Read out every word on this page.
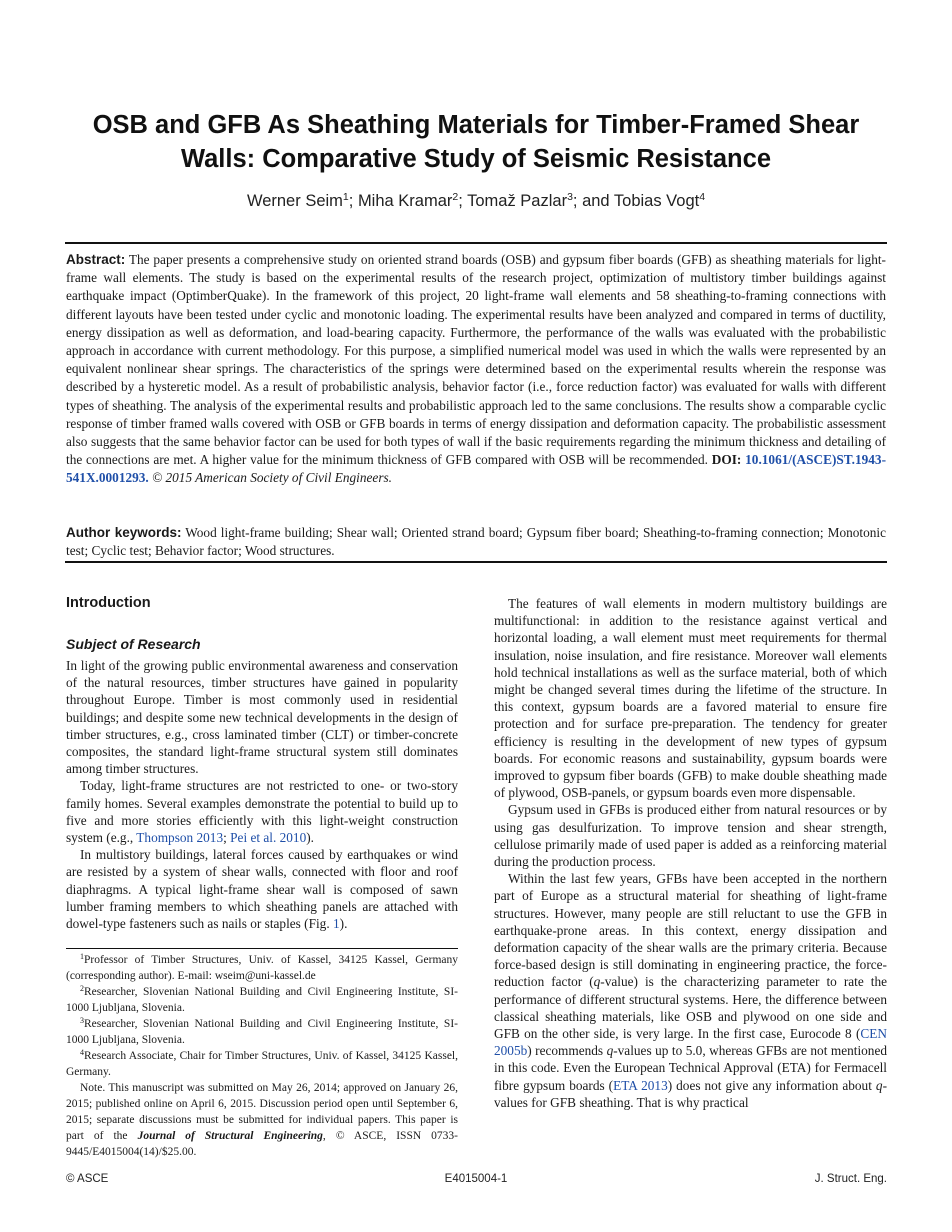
OSB and GFB As Sheathing Materials for Timber-Framed Shear Walls: Comparative Study of Seismic Resistance
Werner Seim$^1$; Miha Kramar$^2$; Tomaž Pazlar$^3$; and Tobias Vogt$^4$

Abstract: The paper presents a comprehensive study on oriented strand boards (OSB) and gypsum fiber boards (GFB) as sheathing materials for light-frame wall elements. The study is based on the experimental results of the research project, optimization of multistory timber buildings against earthquake impact (OptimberQuake). In the framework of this project, 20 light-frame wall elements and 58 sheathing-to-framing connections with different layouts have been tested under cyclic and monotonic loading. The experimental results have been analyzed and compared in terms of ductility, energy dissipation as well as deformation, and load-bearing capacity. Furthermore, the performance of the walls was evaluated with the probabilistic approach in accordance with current methodology. For this purpose, a simplified numerical model was used in which the walls were represented by an equivalent nonlinear shear springs. The characteristics of the springs were determined based on the experimental results wherein the response was described by a hysteretic model. As a result of probabilistic analysis, behavior factor (i.e., force reduction factor) was evaluated for walls with different types of sheathing. The analysis of the experimental results and probabilistic approach led to the same conclusions. The results show a comparable cyclic response of timber framed walls covered with OSB or GFB boards in terms of energy dissipation and deformation capacity. The probabilistic assessment also suggests that the same behavior factor can be used for both types of wall if the basic requirements regarding the minimum thickness and detailing of the connections are met. A higher value for the minimum thickness of GFB compared with OSB will be recommended. DOI: 10.1061/(ASCE)ST.1943-541X.0001293. © 2015 American Society of Civil Engineers.

Author keywords: Wood light-frame building; Shear wall; Oriented strand board; Gypsum fiber board; Sheathing-to-framing connection; Monotonic test; Cyclic test; Behavior factor; Wood structures.

Introduction
Subject of Research

In light of the growing public environmental awareness and conservation of the natural resources, timber structures have gained in popularity throughout Europe. Timber is most commonly used in residential buildings; and despite some new technical developments in the design of timber structures, e.g., cross laminated timber (CLT) or timber-concrete composites, the standard light-frame structural system still dominates among timber structures.

Today, light-frame structures are not restricted to one- or two-story family homes. Several examples demonstrate the potential to build up to five and more stories efficiently with this light-weight construction system (e.g., Thompson 2013; Pei et al. 2010).

In multistory buildings, lateral forces caused by earthquakes or wind are resisted by a system of shear walls, connected with floor and roof diaphragms. A typical light-frame shear wall is composed of sawn lumber framing members to which sheathing panels are attached with dowel-type fasteners such as nails or staples (Fig. 1).

$^1$Professor of Timber Structures, Univ. of Kassel, 34125 Kassel, Germany (corresponding author). E-mail: wseim@uni-kassel.de

$^2$Researcher, Slovenian National Building and Civil Engineering Institute, SI-1000 Ljubljana, Slovenia.

$^3$Researcher, Slovenian National Building and Civil Engineering Institute, SI-1000 Ljubljana, Slovenia.

$^4$Research Associate, Chair for Timber Structures, Univ. of Kassel, 34125 Kassel, Germany.

Note. This manuscript was submitted on May 26, 2014; approved on January 26, 2015; published online on April 6, 2015. Discussion period open until September 6, 2015; separate discussions must be submitted for individual papers. This paper is part of the Journal of Structural Engineering, © ASCE, ISSN 0733-9445/E4015004(14)/$25.00.

The features of wall elements in modern multistory buildings are multifunctional: in addition to the resistance against vertical and horizontal loading, a wall element must meet requirements for thermal insulation, noise insulation, and fire resistance. Moreover wall elements hold technical installations as well as the surface material, both of which might be changed several times during the lifetime of the structure. In this context, gypsum boards are a favored material to ensure fire protection and for surface pre-preparation. The tendency for greater efficiency is resulting in the development of new types of gypsum boards. For economic reasons and sustainability, gypsum boards were improved to gypsum fiber boards (GFB) to make double sheathing made of plywood, OSB-panels, or gypsum boards even more dispensable.

Gypsum used in GFBs is produced either from natural resources or by using gas desulfurization. To improve tension and shear strength, cellulose primarily made of used paper is added as a reinforcing material during the production process.

Within the last few years, GFBs have been accepted in the northern part of Europe as a structural material for sheathing of light-frame structures. However, many people are still reluctant to use the GFB in earthquake-prone areas. In this context, energy dissipation and deformation capacity of the shear walls are the primary criteria. Because force-based design is still dominating in engineering practice, the force-reduction factor (q-value) is the characterizing parameter to rate the performance of different structural systems. Here, the difference between classical sheathing materials, like OSB and plywood on one side and GFB on the other side, is very large. In the first case, Eurocode 8 (CEN 2005b) recommends q-values up to 5.0, whereas GFBs are not mentioned in this code. Even the European Technical Approval (ETA) for Fermacell fibre gypsum boards (ETA 2013) does not give any information about q-values for GFB sheathing. That is why practical

© ASCE	E4015004-1	J. Struct. Eng.
